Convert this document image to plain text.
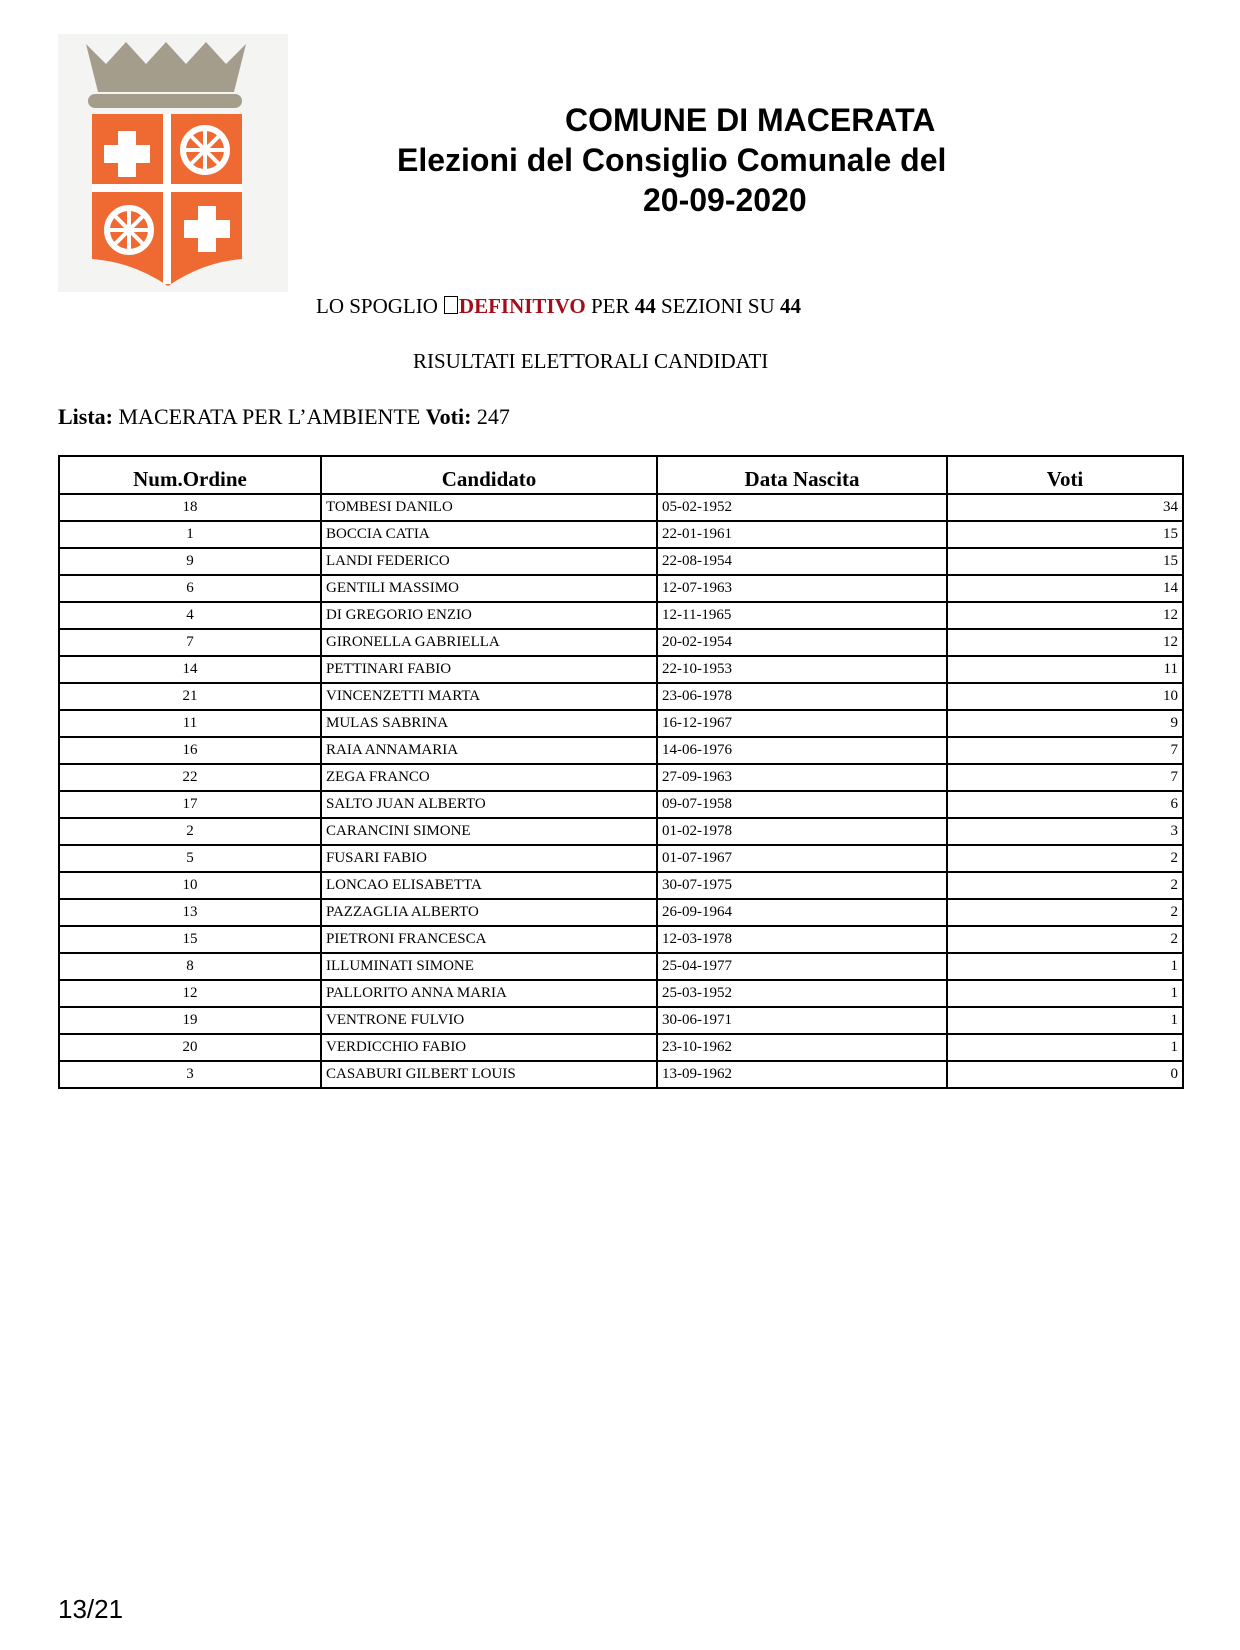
COMUNE DI MACERATA
Elezioni del Consiglio Comunale del
20-09-2020
LO SPOGLIO DEFINITIVO PER 44 SEZIONI SU 44
RISULTATI ELETTORALI CANDIDATI
Lista: MACERATA PER L’AMBIENTE Voti: 247
Num.Ordine	Candidato	Data Nascita	Voti
18	TOMBESI DANILO	05-02-1952	34
1	BOCCIA CATIA	22-01-1961	15
9	LANDI FEDERICO	22-08-1954	15
6	GENTILI MASSIMO	12-07-1963	14
4	DI GREGORIO ENZIO	12-11-1965	12
7	GIRONELLA GABRIELLA	20-02-1954	12
14	PETTINARI FABIO	22-10-1953	11
21	VINCENZETTI MARTA	23-06-1978	10
11	MULAS SABRINA	16-12-1967	9
16	RAIA ANNAMARIA	14-06-1976	7
22	ZEGA FRANCO	27-09-1963	7
17	SALTO JUAN ALBERTO	09-07-1958	6
2	CARANCINI SIMONE	01-02-1978	3
5	FUSARI FABIO	01-07-1967	2
10	LONCAO ELISABETTA	30-07-1975	2
13	PAZZAGLIA ALBERTO	26-09-1964	2
15	PIETRONI FRANCESCA	12-03-1978	2
8	ILLUMINATI SIMONE	25-04-1977	1
12	PALLORITO ANNA MARIA	25-03-1952	1
19	VENTRONE FULVIO	30-06-1971	1
20	VERDICCHIO FABIO	23-10-1962	1
3	CASABURI GILBERT LOUIS	13-09-1962	0
13/21
